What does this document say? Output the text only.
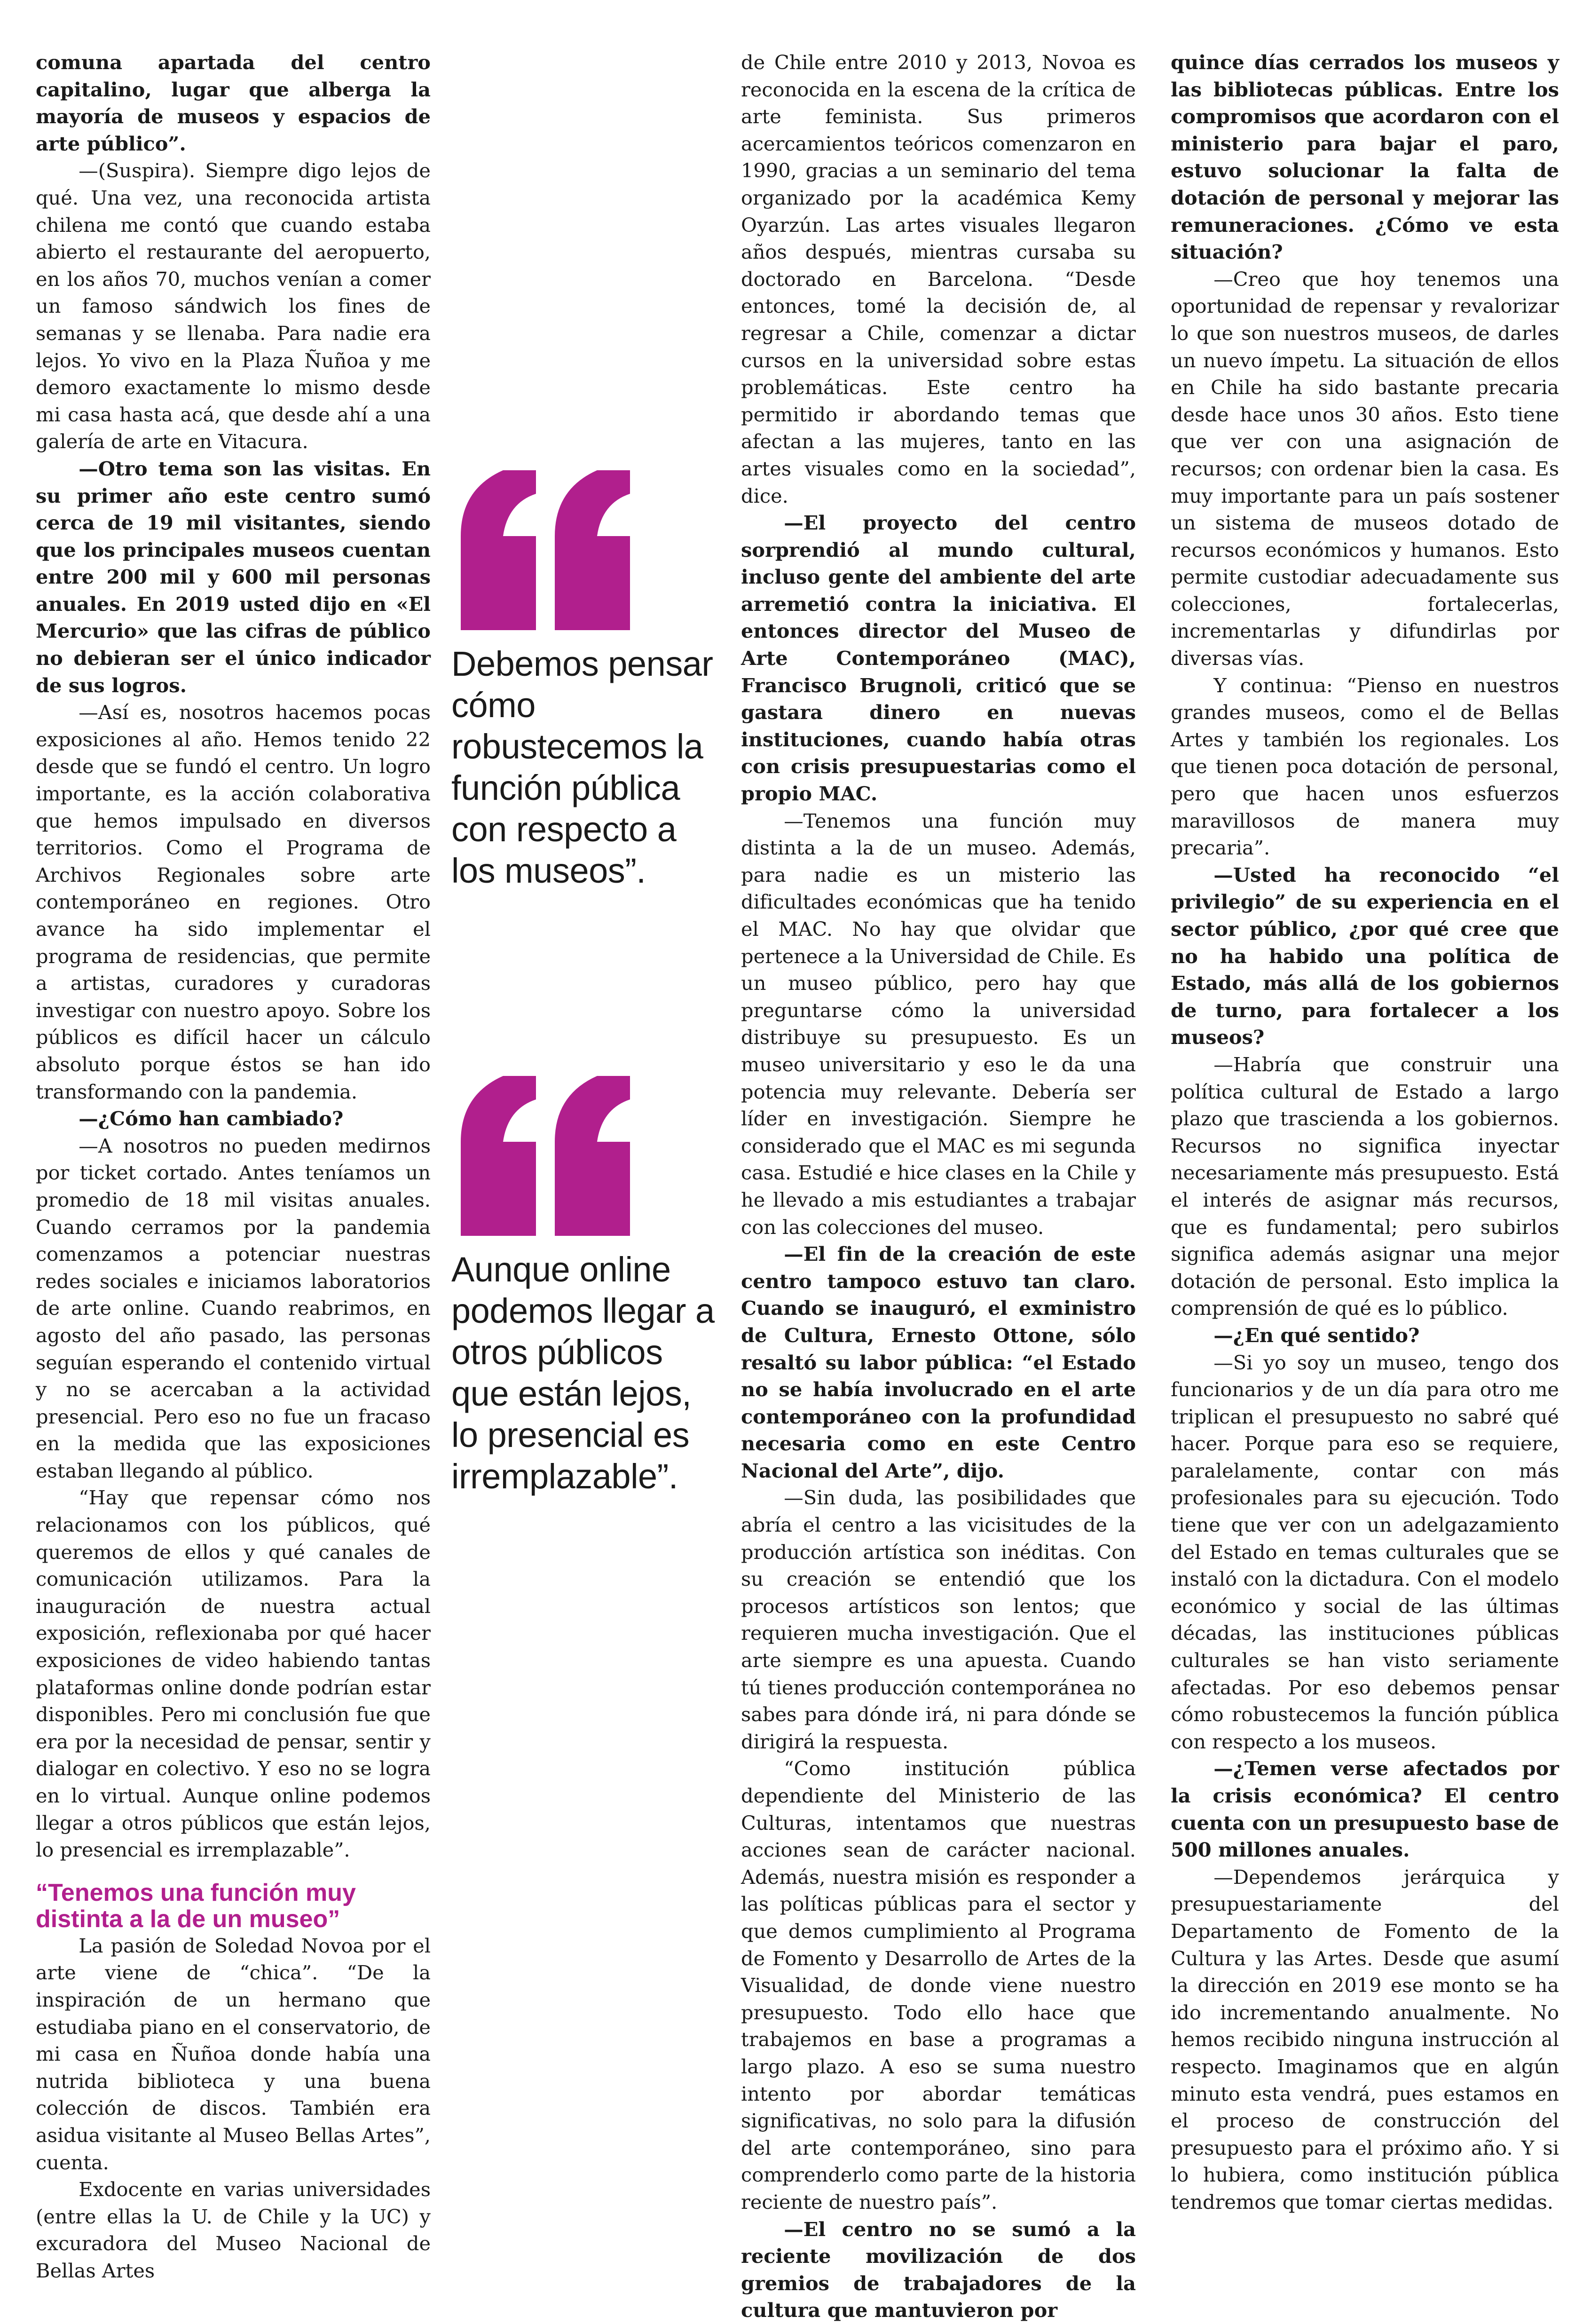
comuna apartada del centro capitalino, lugar que alberga la mayoría de museos y espacios de arte público”.

—(Suspira). Siempre digo lejos de qué. Una vez, una reconocida artista chilena me contó que cuando estaba abierto el restaurante del aeropuerto, en los años 70, muchos venían a comer un famoso sándwich los fines de semanas y se llenaba. Para nadie era lejos. Yo vivo en la Plaza Ñuñoa y me demoro exactamente lo mismo desde mi casa hasta acá, que desde ahí a una galería de arte en Vitacura.

—Otro tema son las visitas. En su primer año este centro sumó cerca de 19 mil visitantes, siendo que los principales museos cuentan entre 200 mil y 600 mil personas anuales. En 2019 usted dijo en «El Mercurio» que las cifras de público no debieran ser el único indicador de sus logros.

—Así es, nosotros hacemos pocas exposiciones al año. Hemos tenido 22 desde que se fundó el centro. Un logro importante, es la acción colaborativa que hemos impulsado en diversos territorios. Como el Programa de Archivos Regionales sobre arte contemporáneo en regiones. Otro avance ha sido implementar el programa de residencias, que permite a artistas, curadores y curadoras investigar con nuestro apoyo. Sobre los públicos es difícil hacer un cálculo absoluto porque éstos se han ido transformando con la pandemia.

—¿Cómo han cambiado?

—A nosotros no pueden medirnos por ticket cortado. Antes teníamos un promedio de 18 mil visitas anuales. Cuando cerramos por la pandemia comenzamos a potenciar nuestras redes sociales e iniciamos laboratorios de arte online. Cuando reabrimos, en agosto del año pasado, las personas seguían esperando el contenido virtual y no se acercaban a la actividad presencial. Pero eso no fue un fracaso en la medida que las exposiciones estaban llegando al público.

“Hay que repensar cómo nos relacionamos con los públicos, qué queremos de ellos y qué canales de comunicación utilizamos. Para la inauguración de nuestra actual exposición, reflexionaba por qué hacer exposiciones de video habiendo tantas plataformas online donde podrían estar disponibles. Pero mi conclusión fue que era por la necesidad de pensar, sentir y dialogar en colectivo. Y eso no se logra en lo virtual. Aunque online podemos llegar a otros públicos que están lejos, lo presencial es irremplazable”.

“Tenemos una función muy distinta a la de un museo”

La pasión de Soledad Novoa por el arte viene de “chica”. “De la inspiración de un hermano que estudiaba piano en el conservatorio, de mi casa en Ñuñoa donde había una nutrida biblioteca y una buena colección de discos. También era asidua visitante al Museo Bellas Artes”, cuenta.

Exdocente en varias universidades (entre ellas la U. de Chile y la UC) y excuradora del Museo Nacional de Bellas Artes

de Chile entre 2010 y 2013, Novoa es reconocida en la escena de la crítica de arte feminista. Sus primeros acercamientos teóricos comenzaron en 1990, gracias a un seminario del tema organizado por la académica Kemy Oyarzún. Las artes visuales llegaron años después, mientras cursaba su doctorado en Barcelona. “Desde entonces, tomé la decisión de, al regresar a Chile, comenzar a dictar cursos en la universidad sobre estas problemáticas. Este centro ha permitido ir abordando temas que afectan a las mujeres, tanto en las artes visuales como en la sociedad”, dice.

—El proyecto del centro sorprendió al mundo cultural, incluso gente del ambiente del arte arremetió contra la iniciativa. El entonces director del Museo de Arte Contemporáneo (MAC), Francisco Brugnoli, criticó que se gastara dinero en nuevas instituciones, cuando había otras con crisis presupuestarias como el propio MAC.

—Tenemos una función muy distinta a la de un museo. Además, para nadie es un misterio las dificultades económicas que ha tenido el MAC. No hay que olvidar que pertenece a la Universidad de Chile. Es un museo público, pero hay que preguntarse cómo la universidad distribuye su presupuesto. Es un museo universitario y eso le da una potencia muy relevante. Debería ser líder en investigación. Siempre he considerado que el MAC es mi segunda casa. Estudié e hice clases en la Chile y he llevado a mis estudiantes a trabajar con las colecciones del museo.

—El fin de la creación de este centro tampoco estuvo tan claro. Cuando se inauguró, el exministro de Cultura, Ernesto Ottone, sólo resaltó su labor pública: “el Estado no se había involucrado en el arte contemporáneo con la profundidad necesaria como en este Centro Nacional del Arte”, dijo.

—Sin duda, las posibilidades que abría el centro a las vicisitudes de la producción artística son inéditas. Con su creación se entendió que los procesos artísticos son lentos; que requieren mucha investigación. Que el arte siempre es una apuesta. Cuando tú tienes producción contemporánea no sabes para dónde irá, ni para dónde se dirigirá la respuesta.

“Como institución pública dependiente del Ministerio de las Culturas, intentamos que nuestras acciones sean de carácter nacional. Además, nuestra misión es responder a las políticas públicas para el sector y que demos cumplimiento al Programa de Fomento y Desarrollo de Artes de la Visualidad, de donde viene nuestro presupuesto. Todo ello hace que trabajemos en base a programas a largo plazo. A eso se suma nuestro intento por abordar temáticas significativas, no solo para la difusión del arte contemporáneo, sino para comprenderlo como parte de la historia reciente de nuestro país”.

—El centro no se sumó a la reciente movilización de dos gremios de trabajadores de la cultura que mantuvieron por

quince días cerrados los museos y las bibliotecas públicas. Entre los compromisos que acordaron con el ministerio para bajar el paro, estuvo solucionar la falta de dotación de personal y mejorar las remuneraciones. ¿Cómo ve esta situación?

—Creo que hoy tenemos una oportunidad de repensar y revalorizar lo que son nuestros museos, de darles un nuevo ímpetu. La situación de ellos en Chile ha sido bastante precaria desde hace unos 30 años. Esto tiene que ver con una asignación de recursos; con ordenar bien la casa. Es muy importante para un país sostener un sistema de museos dotado de recursos económicos y humanos. Esto permite custodiar adecuadamente sus colecciones, fortalecerlas, incrementarlas y difundirlas por diversas vías.

Y continua: “Pienso en nuestros grandes museos, como el de Bellas Artes y también los regionales. Los que tienen poca dotación de personal, pero que hacen unos esfuerzos maravillosos de manera muy precaria”.

—Usted ha reconocido “el privilegio” de su experiencia en el sector público, ¿por qué cree que no ha habido una política de Estado, más allá de los gobiernos de turno, para fortalecer a los museos?

—Habría que construir una política cultural de Estado a largo plazo que trascienda a los gobiernos. Recursos no significa inyectar necesariamente más presupuesto. Está el interés de asignar más recursos, que es fundamental; pero subirlos significa además asignar una mejor dotación de personal. Esto implica la comprensión de qué es lo público.

—¿En qué sentido?

—Si yo soy un museo, tengo dos funcionarios y de un día para otro me triplican el presupuesto no sabré qué hacer. Porque para eso se requiere, paralelamente, contar con más profesionales para su ejecución. Todo tiene que ver con un adelgazamiento del Estado en temas culturales que se instaló con la dictadura. Con el modelo económico y social de las últimas décadas, las instituciones públicas culturales se han visto seriamente afectadas. Por eso debemos pensar cómo robustecemos la función pública con respecto a los museos.

—¿Temen verse afectados por la crisis económica? El centro cuenta con un presupuesto base de 500 millones anuales.

—Dependemos jerárquica y presupuestariamente del Departamento de Fomento de la Cultura y las Artes. Desde que asumí la dirección en 2019 ese monto se ha ido incrementando anualmente. No hemos recibido ninguna instrucción al respecto. Imaginamos que en algún minuto esta vendrá, pues estamos en el proceso de construcción del presupuesto para el próximo año. Y si lo hubiera, como institución pública tendremos que tomar ciertas medidas.

Debemos pensar cómo robustecemos la función pública con respecto a los museos”.
Aunque online podemos llegar a otros públicos que están lejos, lo presencial es irremplazable”.
